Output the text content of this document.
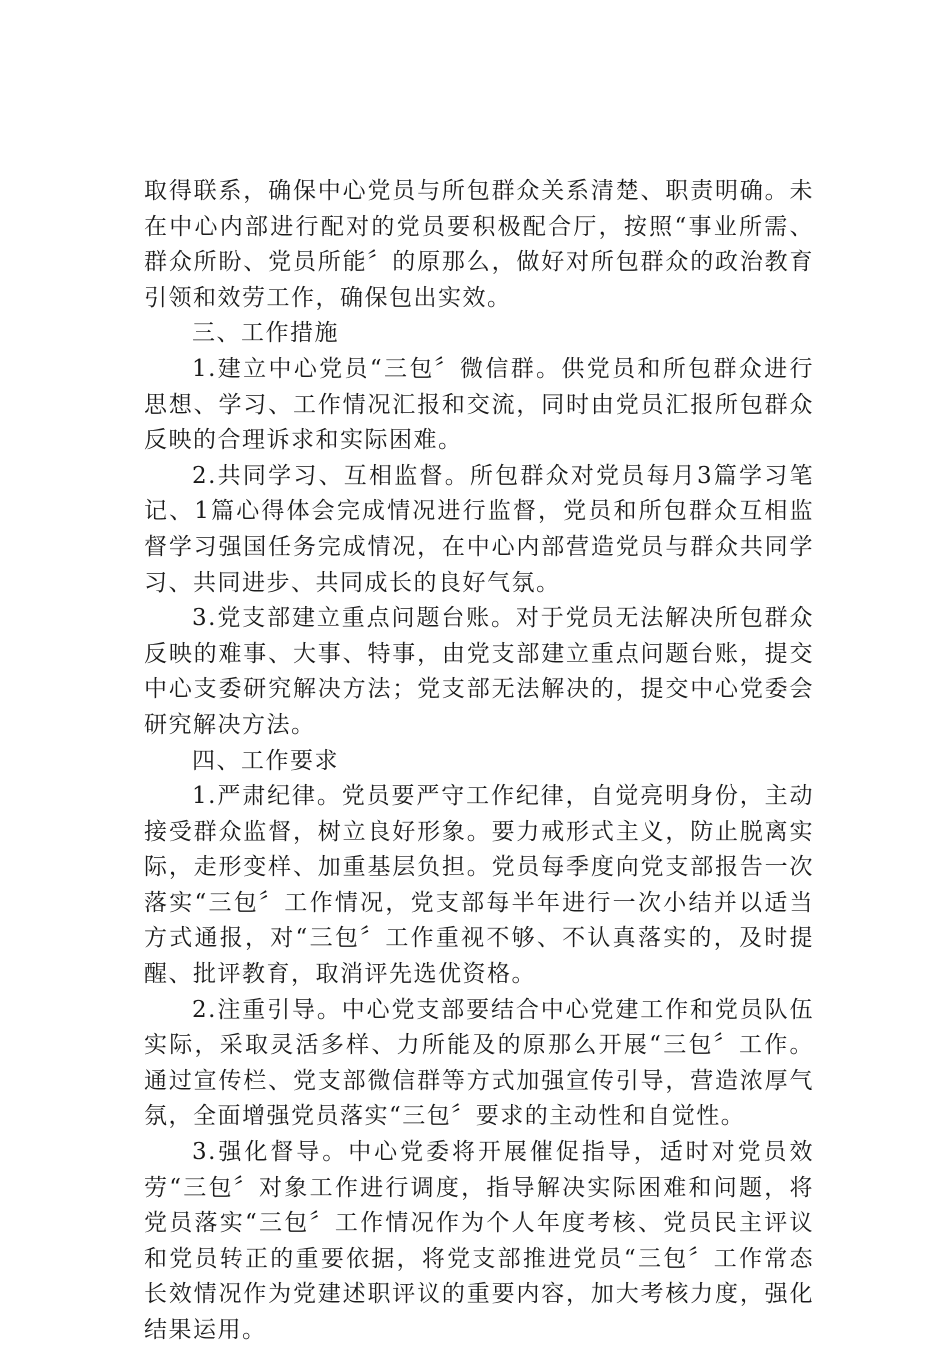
取得联系，确保中心党员与所包群众关系清楚、职责明确。未在中心内部进行配对的党员要积极配合厅，按照“事业所需、群众所盼、党员所能〞的原那么，做好对所包群众的政治教育引领和效劳工作，确保包出实效。

三、工作措施

1.建立中心党员“三包〞微信群。供党员和所包群众进行思想、学习、工作情况汇报和交流，同时由党员汇报所包群众反映的合理诉求和实际困难。

2.共同学习、互相监督。所包群众对党员每月3篇学习笔记、1篇心得体会完成情况进行监督，党员和所包群众互相监督学习强国任务完成情况，在中心内部营造党员与群众共同学习、共同进步、共同成长的良好气氛。

3.党支部建立重点问题台账。对于党员无法解决所包群众反映的难事、大事、特事，由党支部建立重点问题台账，提交中心支委研究解决方法；党支部无法解决的，提交中心党委会研究解决方法。

四、工作要求

1.严肃纪律。党员要严守工作纪律，自觉亮明身份，主动接受群众监督，树立良好形象。要力戒形式主义，防止脱离实际，走形变样、加重基层负担。党员每季度向党支部报告一次落实“三包〞工作情况，党支部每半年进行一次小结并以适当方式通报，对“三包〞工作重视不够、不认真落实的，及时提醒、批评教育，取消评先选优资格。

2.注重引导。中心党支部要结合中心党建工作和党员队伍实际，采取灵活多样、力所能及的原那么开展“三包〞工作。通过宣传栏、党支部微信群等方式加强宣传引导，营造浓厚气氛，全面增强党员落实“三包〞要求的主动性和自觉性。

3.强化督导。中心党委将开展催促指导，适时对党员效劳“三包〞对象工作进行调度，指导解决实际困难和问题，将党员落实“三包〞工作情况作为个人年度考核、党员民主评议和党员转正的重要依据，将党支部推进党员“三包〞工作常态长效情况作为党建述职评议的重要内容，加大考核力度，强化结果运用。
